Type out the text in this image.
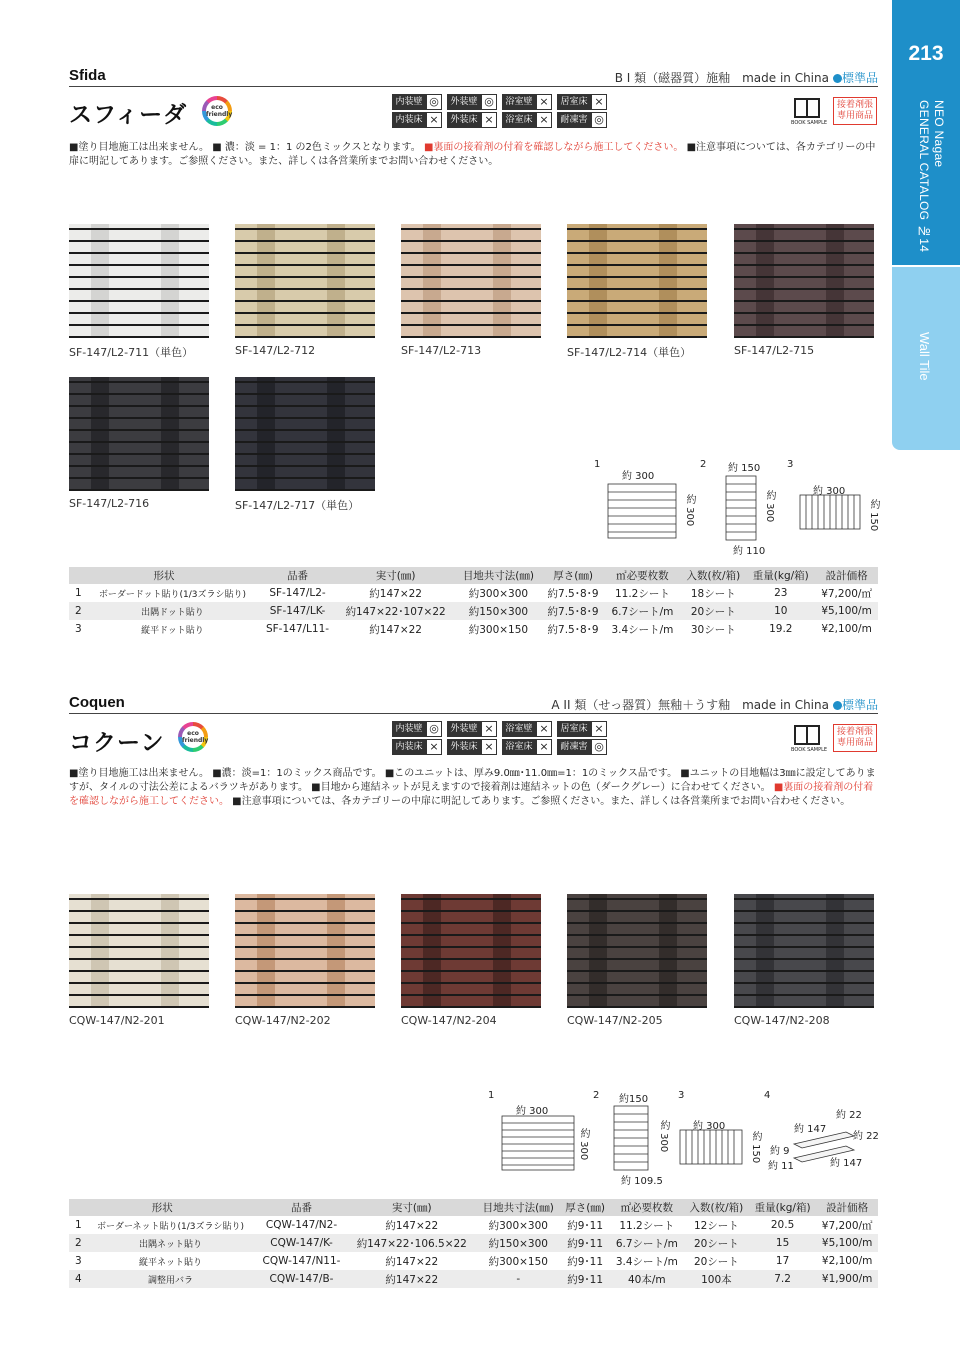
213
NEO Nagae
GENERAL CATALOG №14
Wall Tile
Sfida	B I 類（磁器質）施釉　made in China 標準品
スフィーダ	eco friendly
内装壁 ◎	外装壁 ◎	浴室壁 ×	居室床 ×
内装床 ×	外装床 ×	浴室床 ×	耐凍害 ◎	BOOK SAMPLE
接着剤張専用商品
■塗り目地施工は出来ません。 ■ 濃：淡 = 1：1 の2色ミックスとなります。 ■裏面の接着剤の付着を確認しながら施工してください。 ■注意事項については、各カテゴリーの中扉に明記してあります。ご参照ください。また、詳しくは各営業所までお問い合わせください。
SF-147/L2-711（単色）	SF-147/L2-712	SF-147/L2-713	SF-147/L2-714（単色）	SF-147/L2-715
SF-147/L2-716	SF-147/L2-717（単色）
1
約 300
約 300
2 約 150
約 300
約 110
3
約 300
約 150
形状		品番	実寸(㎜)	目地共寸法(㎜)	厚さ(㎜)	㎡必要枚数	入数(枚/箱)	重量(kg/箱)	設計価格
1	ボーダードット貼り(1/3ズラシ貼り)	SF-147/L2-	約147×22	約300×300	約7.5･8･9	11.2シート	18シート	23	¥7,200/㎡
2	出隅ドット貼り	SF-147/LK-	約147×22･107×22	約150×300	約7.5･8･9	6.7シート/m	20シート	10	¥5,100/m
3	縦平ドット貼り	SF-147/L11-	約147×22	約300×150	約7.5･8･9	3.4シート/m	30シート	19.2	¥2,100/m
Coquen	A II 類（せっ器質）無釉＋うす釉　made in China 標準品
コクーン	eco friendly
内装壁 ◎	外装壁 ×	浴室壁 ×	居室床 ×
内装床 ×	外装床 ×	浴室床 ×	耐凍害 ◎	BOOK SAMPLE
接着剤張専用商品
■塗り目地施工は出来ません。 ■濃：淡=1：1のミックス商品です。 ■このユニットは、厚み9.0㎜･11.0㎜=1：1のミックス品です。 ■ユニットの目地幅は3㎜に設定してありますが、タイルの寸法公差によるバラツキがあります。 ■目地から連結ネットが見えますので接着剤は連結ネットの色（ダークグレー）に合わせてください。 ■裏面の接着剤の付着を確認しながら施工してください。 ■注意事項については、各カテゴリーの中扉に明記してあります。ご参照ください。また、詳しくは各営業所までお問い合わせください。
CQW-147/N2-201	CQW-147/N2-202	CQW-147/N2-204	CQW-147/N2-205	CQW-147/N2-208
1
約 300
約 300
2 約150
約 300
約 109.5
3
約 300
約 150
4
約 22
約 147
約 22
約 9
約 11	約 147
形状		品番	実寸(㎜)	目地共寸法(㎜)	厚さ(㎜)	㎡必要枚数	入数(枚/箱)	重量(kg/箱)	設計価格
1	ボーダーネット貼り(1/3ズラシ貼り)	CQW-147/N2-	約147×22	約300×300	約9･11	11.2シート	12シート	20.5	¥7,200/㎡
2	出隅ネット貼り	CQW-147/K-	約147×22･106.5×22	約150×300	約9･11	6.7シート/m	20シート	15	¥5,100/m
3	縦平ネット貼り	CQW-147/N11-	約147×22	約300×150	約9･11	3.4シート/m	20シート	17	¥2,100/m
4	調整用バラ	CQW-147/B-	約147×22	-	約9･11	40本/m	100本	7.2	¥1,900/m
